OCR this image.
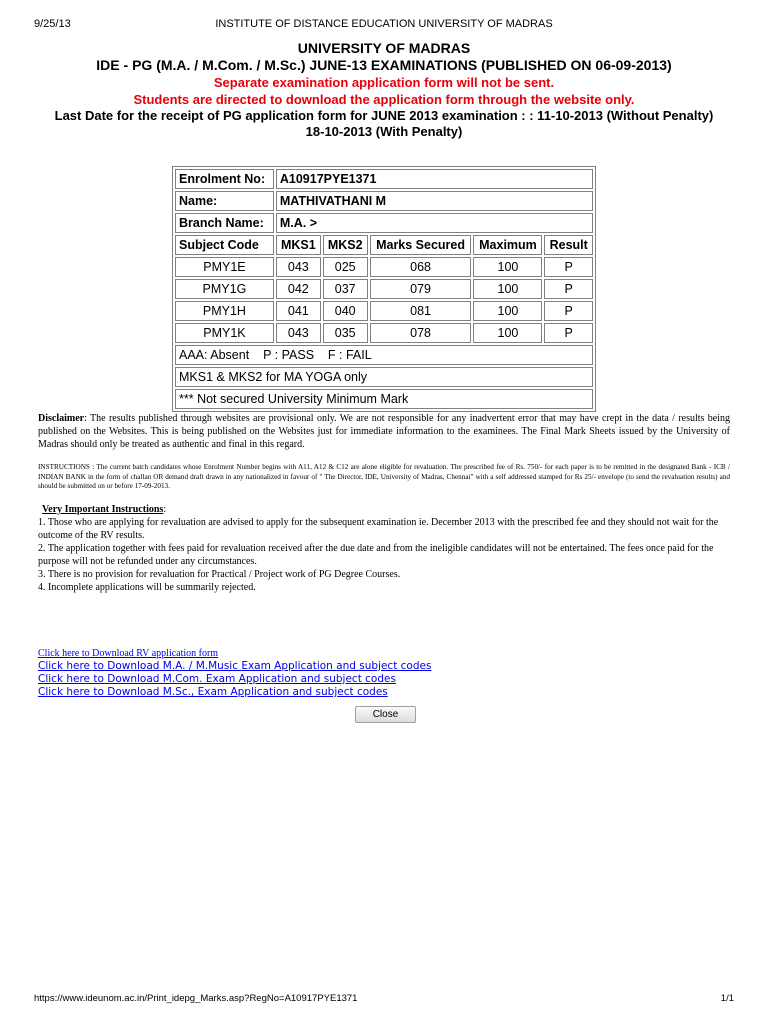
9/25/13	INSTITUTE OF DISTANCE EDUCATION UNIVERSITY OF MADRAS
UNIVERSITY OF MADRAS
IDE - PG (M.A. / M.Com. / M.Sc.) JUNE-13 EXAMINATIONS (PUBLISHED ON 06-09-2013)
Separate examination application form will not be sent.
Students are directed to download the application form through the website only.
Last Date for the receipt of PG application form for JUNE 2013 examination : : 11-10-2013 (Without Penalty)
18-10-2013 (With Penalty)
Enrolment No:	A10917PYE1371				
Name:	MATHIVATHANI M				
Branch Name:	M.A. >				
Subject Code	MKS1	MKS2	Marks Secured	Maximum	Result
PMY1E	043	025	068	100	P
PMY1G	042	037	079	100	P
PMY1H	041	040	081	100	P
PMY1K	043	035	078	100	P
AAA: Absent    P : PASS    F : FAIL					
MKS1 & MKS2 for MA YOGA only					
*** Not secured University Minimum Mark					
Disclaimer: The results published through websites are provisional only. We are not responsible for any inadvertent error that may have crept in the data / results being published on the Websites. This is being published on the Websites just for immediate information to the examinees. The Final Mark Sheets issued by the University of Madras should only be treated as authentic and final in this regard.
INSTRUCTIONS : The current batch candidates whose Enrolment Number begins with A11, A12 & C12 are alone eligible for revaluation. The prescribed fee of Rs. 750/- for each paper is to be remitted in the designated Bank - ICB / INDIAN BANK in the form of challan OR demand draft drawn in any nationalized in favour of " The Director, IDE, University of Madras, Chennai" with a self addressed stamped for Rs 25/- envelope (to send the revaluation results) and should be submitted on or before 17-09-2013.

Very Important Instructions:

1. Those who are applying for revaluation are advised to apply for the subsequent examination ie. December 2013 with the prescribed fee and they should not wait for the outcome of the RV results.

2. The application together with fees paid for revaluation received after the due date and from the ineligible candidates will not be entertained. The fees once paid for the purpose will not be refunded under any circumstances.

3. There is no provision for revaluation for Practical / Project work of PG Degree Courses.

4. Incomplete applications will be summarily rejected.

Click here to Download RV application form
Click here to Download M.A. / M.Music Exam Application and subject codes
Click here to Download M.Com. Exam Application and subject codes
Click here to Download M.Sc., Exam Application and subject codes
Close
https://www.ideunom.ac.in/Print_idepg_Marks.asp?RegNo=A10917PYE1371	1/1
